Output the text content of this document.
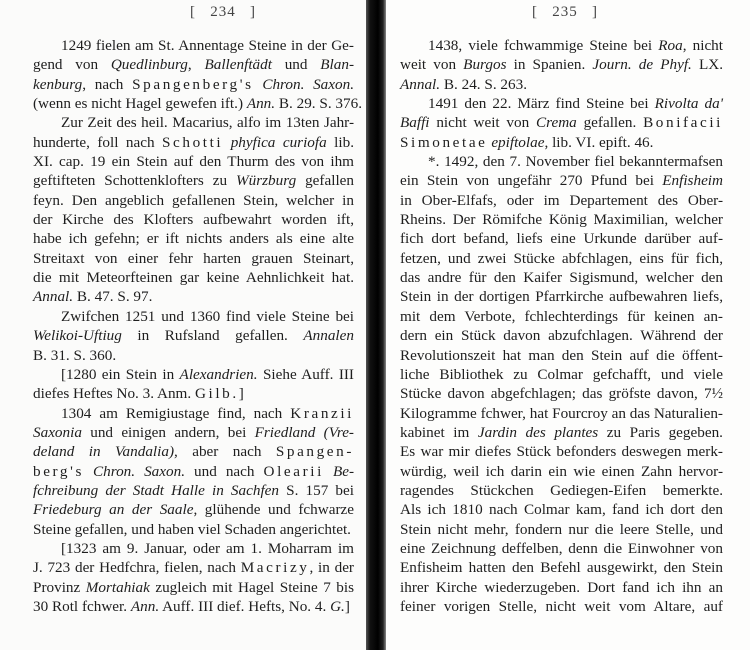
[   234   ]
1249 fielen am St. Annentage Steine in der Ge-
gend von Quedlinburg, Ballenftädt und Blan-
kenburg, nach Spangenberg's Chron. Saxon.
(wenn es nicht Hagel gewefen ift.) Ann. B. 29. S. 376.
Zur Zeit des heil. Macarius, alfo im 13ten Jahr-
hunderte, foll nach Schotti phyfica curiofa lib.
XI. cap. 19 ein Stein auf den Thurm des von ihm
geftifteten Schottenklofters zu Würzburg gefallen
feyn. Den angeblich gefallenen Stein, welcher in
der Kirche des Klofters aufbewahrt worden ift,
habe ich gefehn; er ift nichts anders als eine alte
Streitaxt von einer fehr harten grauen Steinart,
die mit Meteorfteinen gar keine Aehnlichkeit hat.
Annal. B. 47. S. 97.
Zwifchen 1251 und 1360 find viele Steine bei
Welikoi-Uftiug in Rufsland gefallen. Annalen
B. 31. S. 360.
[1280 ein Stein in Alexandrien. Siehe Auff. III
diefes Heftes No. 3. Anm. Gilb.]
1304 am Remigiustage find, nach Kranzii
Saxonia und einigen andern, bei Friedland (Vre-
deland in Vandalia), aber nach Spangen-
berg's Chron. Saxon. und nach Olearii Be-
fchreibung der Stadt Halle in Sachfen S. 157 bei
Friedeburg an der Saale, glühende und fchwarze
Steine gefallen, und haben viel Schaden angerichtet.
[1323 am 9. Januar, oder am 1. Moharram im
J. 723 der Hedfchra, fielen, nach Macrizy, in der
Provinz Mortahiak zugleich mit Hagel Steine 7 bis
30 Rotl fchwer. Ann. Auff. III dief. Hefts, No. 4. G.]
[   235   ]
1438, viele fchwammige Steine bei Roa, nicht
weit von Burgos in Spanien. Journ. de Phyf. LX.
Annal. B. 24. S. 263.
1491 den 22. März find Steine bei Rivolta da'
Baffi nicht weit von Crema gefallen. Bonifacii
Simonetae epiftolae, lib. VI. epift. 46.
*. 1492, den 7. November fiel bekanntermafsen
ein Stein von ungefähr 270 Pfund bei Enfisheim
in Ober-Elfafs, oder im Departement des Ober-
Rheins. Der Römifche König Maximilian, welcher
fich dort befand, liefs eine Urkunde darüber auf-
fetzen, und zwei Stücke abfchlagen, eins für fich,
das andre für den Kaifer Sigismund, welcher den
Stein in der dortigen Pfarrkirche aufbewahren liefs,
mit dem Verbote, fchlechterdings für keinen an-
dern ein Stück davon abzufchlagen. Während der
Revolutionszeit hat man den Stein auf die öffent-
liche Bibliothek zu Colmar gefchafft, und viele
Stücke davon abgefchlagen; das gröfste davon, 7½
Kilogramme fchwer, hat Fourcroy an das Naturalien-
kabinet im Jardin des plantes zu Paris gegeben.
Es war mir diefes Stück befonders deswegen merk-
würdig, weil ich darin ein wie einen Zahn hervor-
ragendes Stückchen Gediegen-Eifen bemerkte.
Als ich 1810 nach Colmar kam, fand ich dort den
Stein nicht mehr, fondern nur die leere Stelle, und
eine Zeichnung deffelben, denn die Einwohner von
Enfisheim hatten den Befehl ausgewirkt, den Stein
ihrer Kirche wiederzugeben. Dort fand ich ihn an
feiner vorigen Stelle, nicht weit vom Altare, auf
